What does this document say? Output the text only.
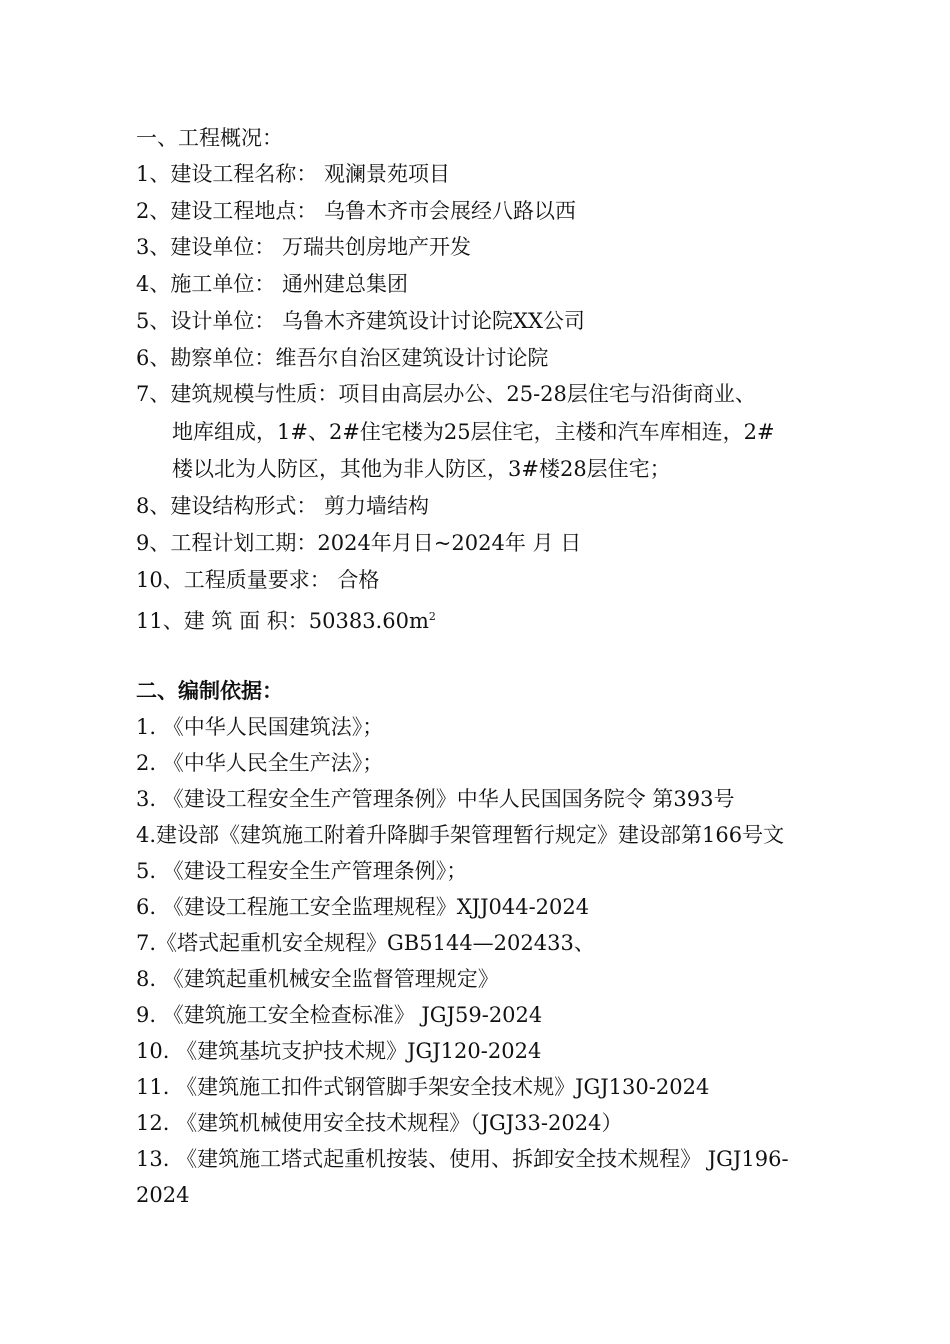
一、工程概况：
1、建设工程名称： 观澜景苑项目
2、建设工程地点： 乌鲁木齐市会展经八路以西
3、建设单位： 万瑞共创房地产开发
4、施工单位： 通州建总集团
5、设计单位： 乌鲁木齐建筑设计讨论院XX公司
6、勘察单位：维吾尔自治区建筑设计讨论院
7、建筑规模与性质：项目由高层办公、25-28层住宅与沿街商业、
地库组成，1#、2#住宅楼为25层住宅，主楼和汽车库相连，2#
楼以北为人防区，其他为非人防区，3#楼28层住宅；
8、建设结构形式： 剪力墙结构
9、工程计划工期：2024年月日~2024年 月 日
10、工程质量要求： 合格
11、建 筑 面 积：$50383.60m^2$
二、编制依据：
1. 《中华人民国建筑法》；
2. 《中华人民全生产法》；
3. 《建设工程安全生产管理条例》中华人民国国务院令 第393号
4.建设部《建筑施工附着升降脚手架管理暂行规定》建设部第166号文
5. 《建设工程安全生产管理条例》；
6. 《建设工程施工安全监理规程》XJJ044-2024
7.《塔式起重机安全规程》GB5144—202433、
8. 《建筑起重机械安全监督管理规定》
9. 《建筑施工安全检查标准》 JGJ59-2024
10. 《建筑基坑支护技术规》JGJ120-2024
11. 《建筑施工扣件式钢管脚手架安全技术规》JGJ130-2024
12. 《建筑机械使用安全技术规程》（JGJ33-2024）
13. 《建筑施工塔式起重机按装、使用、拆卸安全技术规程》 JGJ196-
2024
